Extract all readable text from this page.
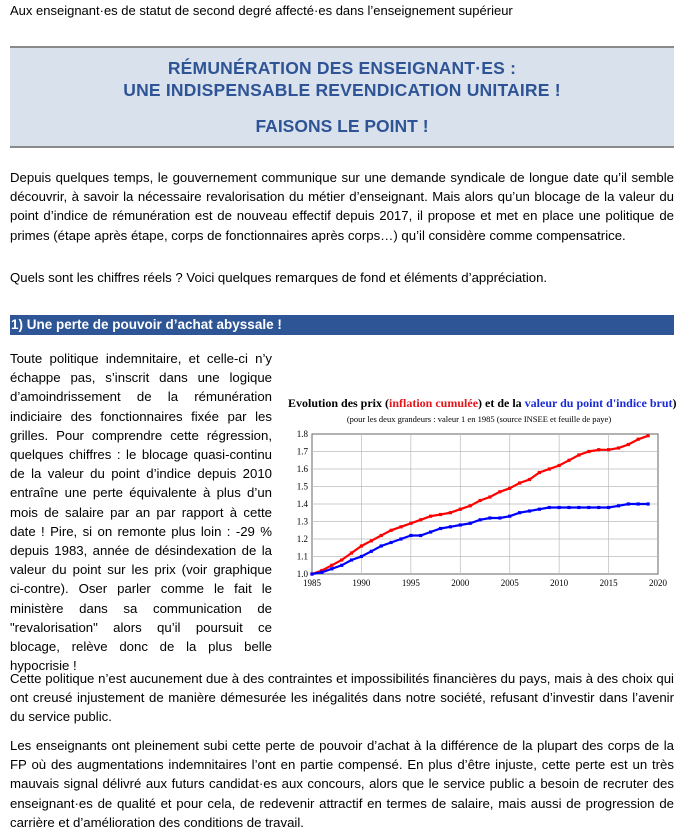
Aux enseignant·es de statut de second degré affecté·es dans l’enseignement supérieur
RÉMUNÉRATION DES ENSEIGNANT·ES :
UNE INDISPENSABLE REVENDICATION UNITAIRE !
FAISONS LE POINT !

Depuis quelques temps, le gouvernement communique sur une demande syndicale de longue date qu’il semble découvrir, à savoir la nécessaire revalorisation du métier d’enseignant. Mais alors qu’un blocage de la valeur du point d’indice de rémunération est de nouveau effectif depuis 2017, il propose et met en place une politique de primes (étape après étape, corps de fonctionnaires après corps…) qu’il considère comme compensatrice.

Quels sont les chiffres réels ? Voici quelques remarques de fond et éléments d’appréciation.

1) Une perte de pouvoir d’achat abyssale !

Toute politique indemnitaire, et celle-ci n’y échappe pas, s’inscrit dans une logique d’amoindrissement de la rémunération indiciaire des fonctionnaires fixée par les grilles. Pour comprendre cette régression, quelques chiffres : le blocage quasi-continu de la valeur du point d’indice depuis 2010 entraîne une perte équivalente à plus d’un mois de salaire par an par rapport à cette date ! Pire, si on remonte plus loin : -29 % depuis 1983, année de désindexation de la valeur du point sur les prix (voir graphique ci-contre). Oser parler comme le fait le ministère dans sa communication de "revalorisation" alors qu’il poursuit ce blocage, relève donc de la plus belle hypocrisie !

Evolution des prix (inflation cumulée) et de la valeur du point d'indice brut)
(pour les deux grandeurs : valeur 1 en 1985 (source INSEE et feuille de paye)
1.0
1.1
1.2
1.3
1.4
1.5
1.6
1.7
1.8
1985	1990	1995	2000	2005	2010	2015	2020

Cette politique n’est aucunement due à des contraintes et impossibilités financières du pays, mais à des choix qui ont creusé injustement de manière démesurée les inégalités dans notre société, refusant d’investir dans l’avenir du service public.

Les enseignants ont pleinement subi cette perte de pouvoir d’achat à la différence de la plupart des corps de la FP où des augmentations indemnitaires l’ont en partie compensé. En plus d’être injuste, cette perte est un très mauvais signal délivré aux futurs candidat·es aux concours, alors que le service public a besoin de recruter des enseignant·es de qualité et pour cela, de redevenir attractif en termes de salaire, mais aussi de progression de carrière et d’amélioration des conditions de travail.
